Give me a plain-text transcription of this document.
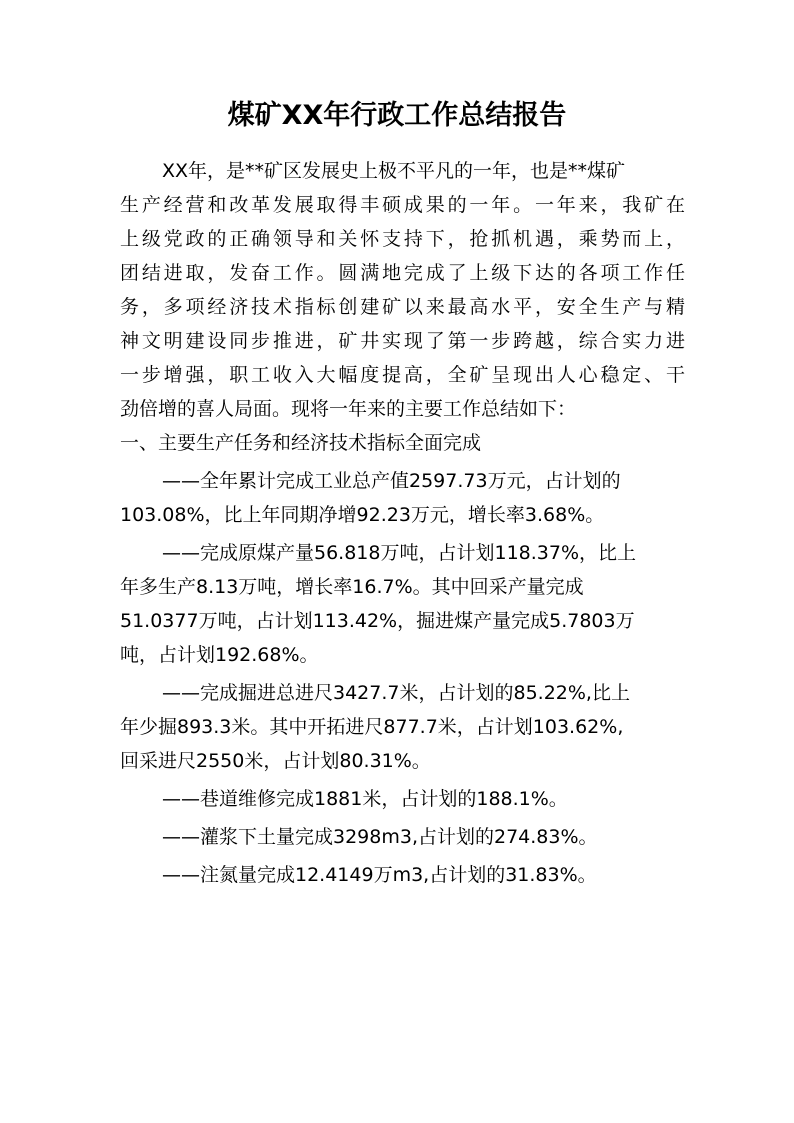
煤矿XX年行政工作总结报告
XX年，是**矿区发展史上极不平凡的一年，也是**煤矿
生产经营和改革发展取得丰硕成果的一年。一年来，我矿在
上级党政的正确领导和关怀支持下，抢抓机遇，乘势而上，
团结进取，发奋工作。圆满地完成了上级下达的各项工作任
务，多项经济技术指标创建矿以来最高水平，安全生产与精
神文明建设同步推进，矿井实现了第一步跨越，综合实力进
一步增强，职工收入大幅度提高，全矿呈现出人心稳定、干
劲倍增的喜人局面。现将一年来的主要工作总结如下：
一、主要生产任务和经济技术指标全面完成
——全年累计完成工业总产值2597.73万元，占计划的
103.08%，比上年同期净增92.23万元，增长率3.68%。
——完成原煤产量56.818万吨，占计划118.37%，比上
年多生产8.13万吨，增长率16.7%。其中回采产量完成
51.0377万吨，占计划113.42%，掘进煤产量完成5.7803万
吨，占计划192.68%。
——完成掘进总进尺3427.7米，占计划的85.22%,比上
年少掘893.3米。其中开拓进尺877.7米，占计划103.62%,
回采进尺2550米，占计划80.31%。
——巷道维修完成1881米，占计划的188.1%。
——灌浆下土量完成3298m3,占计划的274.83%。
——注氮量完成12.4149万m3,占计划的31.83%。
